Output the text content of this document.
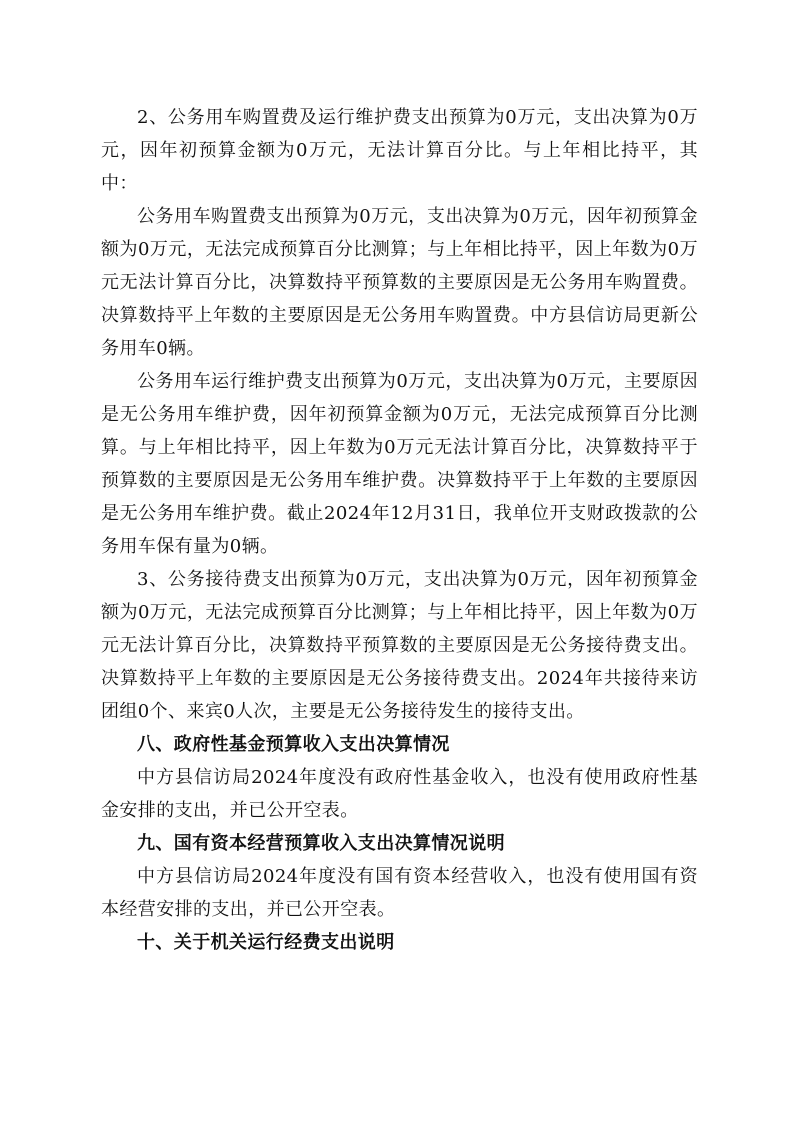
2、公务用车购置费及运行维护费支出预算为0万元，支出决算为0万元，因年初预算金额为0万元，无法计算百分比。与上年相比持平，其中：

公务用车购置费支出预算为0万元，支出决算为0万元，因年初预算金额为0万元，无法完成预算百分比测算；与上年相比持平，因上年数为0万元无法计算百分比，决算数持平预算数的主要原因是无公务用车购置费。决算数持平上年数的主要原因是无公务用车购置费。中方县信访局更新公务用车0辆。

公务用车运行维护费支出预算为0万元，支出决算为0万元，主要原因是无公务用车维护费，因年初预算金额为0万元，无法完成预算百分比测算。与上年相比持平，因上年数为0万元无法计算百分比，决算数持平于预算数的主要原因是无公务用车维护费。决算数持平于上年数的主要原因是无公务用车维护费。截止2024年12月31日，我单位开支财政拨款的公务用车保有量为0辆。

3、公务接待费支出预算为0万元，支出决算为0万元，因年初预算金额为0万元，无法完成预算百分比测算；与上年相比持平，因上年数为0万元无法计算百分比，决算数持平预算数的主要原因是无公务接待费支出。决算数持平上年数的主要原因是无公务接待费支出。2024年共接待来访团组0个、来宾0人次，主要是无公务接待发生的接待支出。

八、政府性基金预算收入支出决算情况

中方县信访局2024年度没有政府性基金收入，也没有使用政府性基金安排的支出，并已公开空表。

九、国有资本经营预算收入支出决算情况说明

中方县信访局2024年度没有国有资本经营收入，也没有使用国有资本经营安排的支出，并已公开空表。

十、关于机关运行经费支出说明
